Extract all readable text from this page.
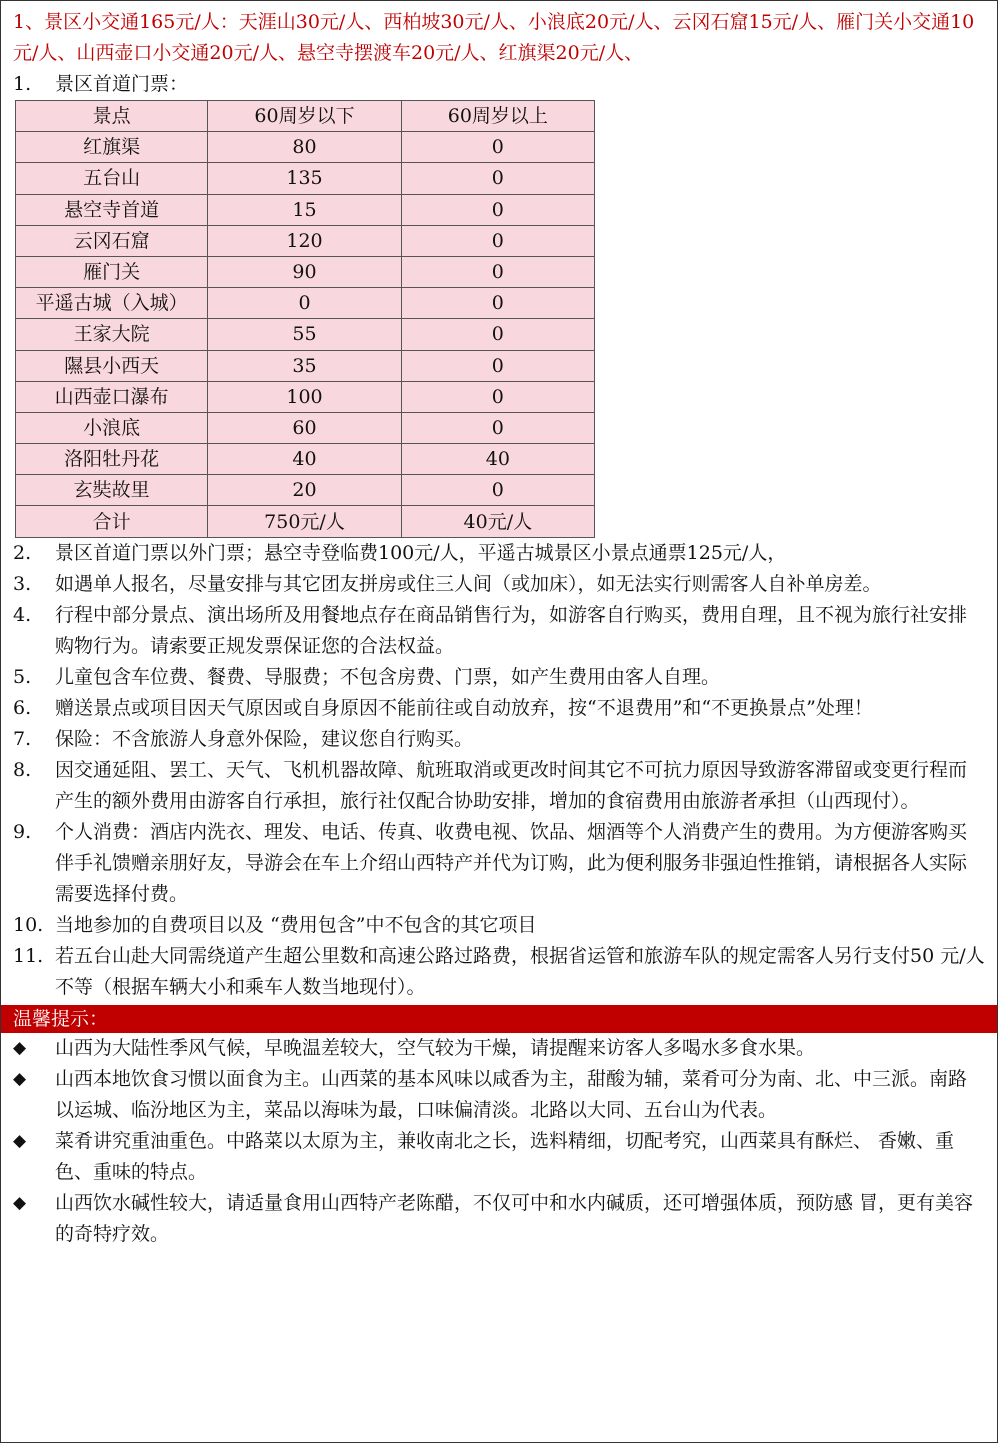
1、景区小交通165元/人：天涯山30元/人、西柏坡30元/人、小浪底20元/人、云冈石窟15元/人、雁门关小交通10元/人、山西壶口小交通20元/人、悬空寺摆渡车20元/人、红旗渠20元/人、
1.	景区首道门票：
景点	60周岁以下	60周岁以上
红旗渠	80	0
五台山	135	0
悬空寺首道	15	0
云冈石窟	120	0
雁门关	90	0
平遥古城（入城）	0	0
王家大院	55	0
隰县小西天	35	0
山西壶口瀑布	100	0
小浪底	60	0
洛阳牡丹花	40	40
玄奘故里	20	0
合计	750元/人	40元/人
2.	景区首道门票以外门票；悬空寺登临费100元/人，平遥古城景区小景点通票125元/人，
3.	如遇单人报名，尽量安排与其它团友拼房或住三人间（或加床），如无法实行则需客人自补单房差。
4.	行程中部分景点、演出场所及用餐地点存在商品销售行为，如游客自行购买，费用自理，且不视为旅行社安排购物行为。请索要正规发票保证您的合法权益。
5.	儿童包含车位费、餐费、导服费；不包含房费、门票，如产生费用由客人自理。
6.	赠送景点或项目因天气原因或自身原因不能前往或自动放弃，按“不退费用”和“不更换景点”处理！
7.	保险：不含旅游人身意外保险，建议您自行购买。
8.	因交通延阻、罢工、天气、飞机机器故障、航班取消或更改时间其它不可抗力原因导致游客滞留或变更行程而产生的额外费用由游客自行承担，旅行社仅配合协助安排，增加的食宿费用由旅游者承担（山西现付）。
9.	个人消费：酒店内洗衣、理发、电话、传真、收费电视、饮品、烟酒等个人消费产生的费用。为方便游客购买伴手礼馈赠亲朋好友，导游会在车上介绍山西特产并代为订购，此为便利服务非强迫性推销，请根据各人实际需要选择付费。
10. 当地参加的自费项目以及 “费用包含”中不包含的其它项目
11. 若五台山赴大同需绕道产生超公里数和高速公路过路费，根据省运管和旅游车队的规定需客人另行支付50 元/人不等（根据车辆大小和乘车人数当地现付）。
温馨提示：
◆	山西为大陆性季风气候，早晚温差较大，空气较为干燥，请提醒来访客人多喝水多食水果。
◆	山西本地饮食习惯以面食为主。山西菜的基本风味以咸香为主，甜酸为辅，菜肴可分为南、北、中三派。南路以运城、临汾地区为主，菜品以海味为最，口味偏清淡。北路以大同、五台山为代表。
◆	菜肴讲究重油重色。中路菜以太原为主，兼收南北之长，选料精细，切配考究，山西菜具有酥烂、 香嫩、重色、重味的特点。
◆	山西饮水碱性较大，请适量食用山西特产老陈醋，不仅可中和水内碱质，还可增强体质，预防感 冒，更有美容的奇特疗效。
